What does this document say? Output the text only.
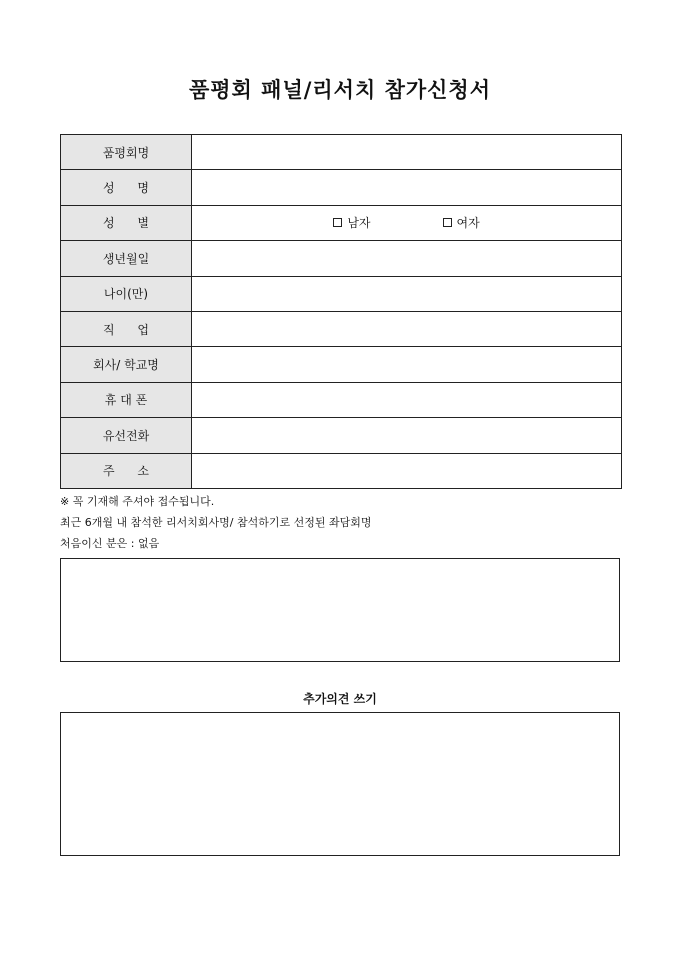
품평회 패널/리서치 참가신청서
품평회명	
성      명	
성      별	남자 여자

생년월일	
나이(만)	
직      업	
회사/ 학교명	
휴 대 폰	
유선전화	
주      소	
※ 꼭 기재해 주셔야 접수됩니다.
최근 6개월 내 참석한 리서치회사명/ 참석하기로 선정된 좌담회명
처음이신 분은 : 없음
추가의견 쓰기
